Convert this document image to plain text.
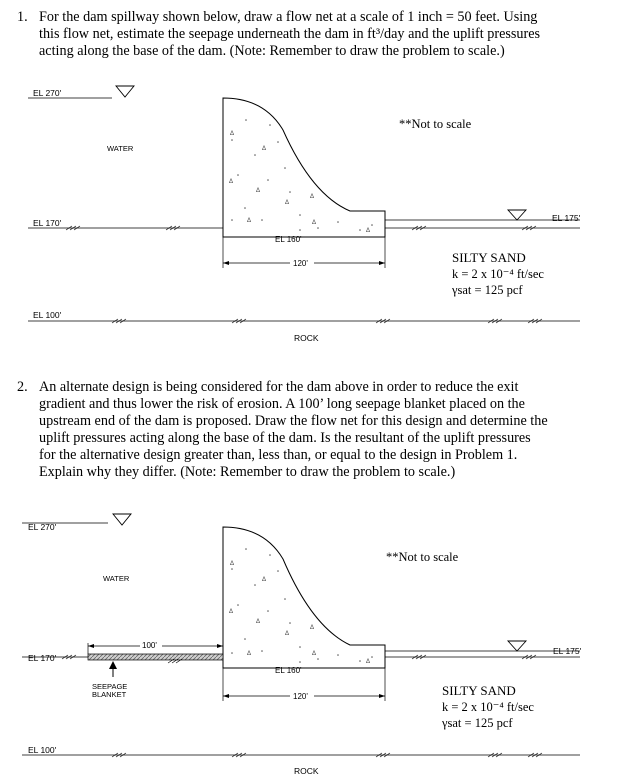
1. For the dam spillway shown below, draw a flow net at a scale of 1 inch = 50 feet. Using
this flow net, estimate the seepage underneath the dam in ft³/day and the uplift pressures
acting along the base of the dam. (Note: Remember to draw the problem to scale.)
EL 270'
WATER
Δ
Δ
Δ
Δ
Δ
Δ
Δ	Δ
Δ
EL 170'
EL 160'
EL 175'
120'	SILTY SAND
k = 2 x 10⁻⁴ ft/sec
γsat = 125 pcf
**Not to scale
EL 100'
ROCK
2. An alternate design is being considered for the dam above in order to reduce the exit
gradient and thus lower the risk of erosion. A 100’ long seepage blanket placed on the
upstream end of the dam is proposed. Draw the flow net for this design and determine the
uplift pressures acting along the base of the dam. Is the resultant of the uplift pressures
for the alternative design greater than, less than, or equal to the design in Problem 1.
Explain why they differ. (Note: Remember to draw the problem to scale.)
EL 270'
WATER
Δ
Δ
Δ
Δ
Δ
Δ
Δ	Δ
Δ
EL 170'
100'
SEEPAGE
BLANKET
EL 160'
EL 175'
120'	SILTY SAND
k = 2 x 10⁻⁴ ft/sec
γsat = 125 pcf
**Not to scale
EL 100'
ROCK
